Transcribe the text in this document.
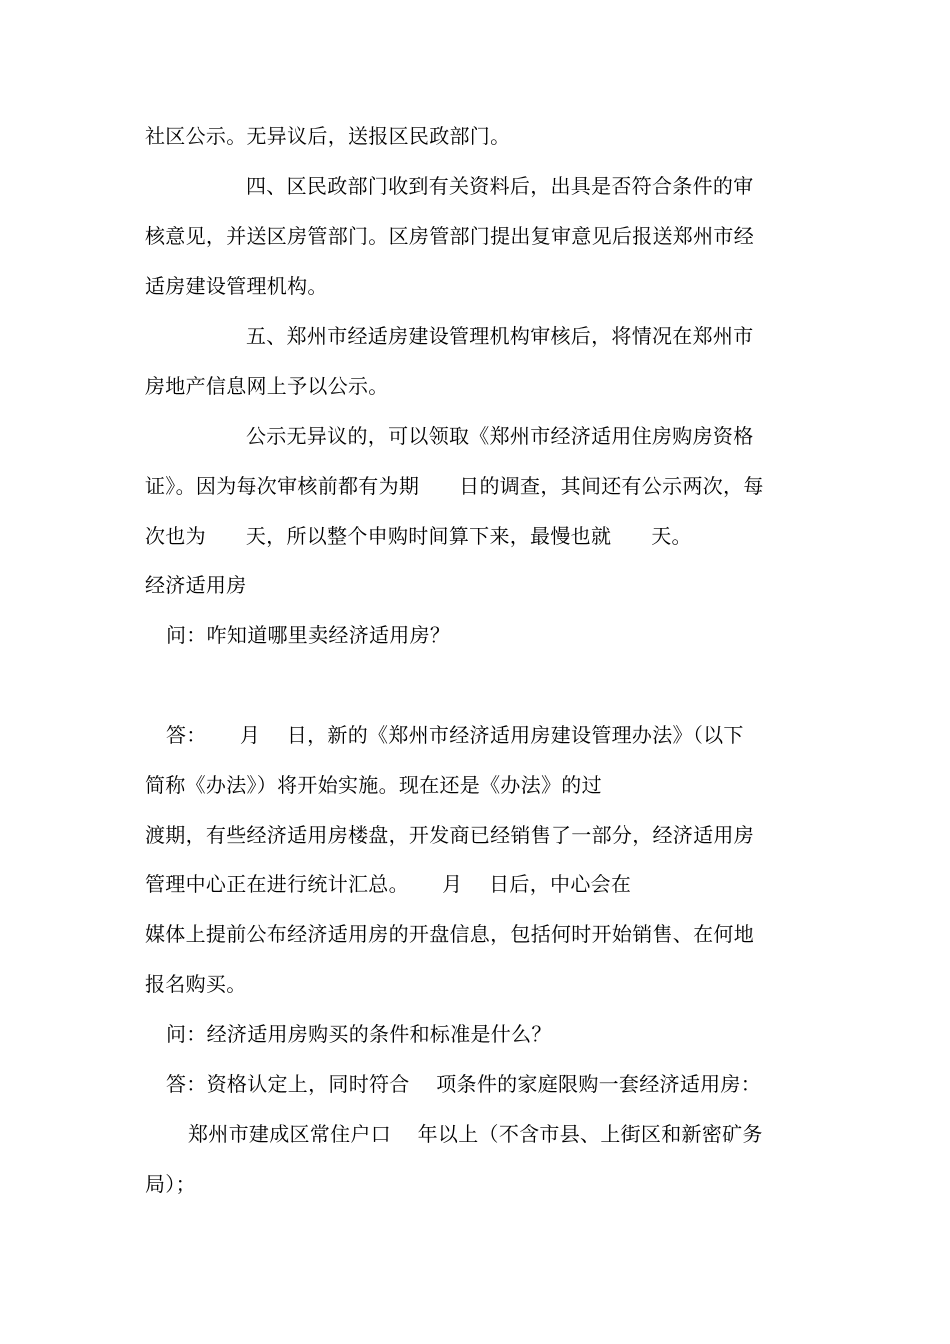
社区公示。无异议后，送报区民政部门。
四、区民政部门收到有关资料后，出具是否符合条件的审
核意见，并送区房管部门。区房管部门提出复审意见后报送郑州市经
适房建设管理机构。
五、郑州市经适房建设管理机构审核后，将情况在郑州市
房地产信息网上予以公示。
公示无异议的，可以领取《郑州市经济适用住房购房资格
证》。因为每次审核前都有为期      日的调查，其间还有公示两次，每
次也为      天，所以整个申购时间算下来，最慢也就      天。
经济适用房
问：咋知道哪里卖经济适用房？
答：     月    日，新的《郑州市经济适用房建设管理办法》（以下
简称《办法》）将开始实施。现在还是《办法》的过
渡期，有些经济适用房楼盘，开发商已经销售了一部分，经济适用房
管理中心正在进行统计汇总。     月    日后，中心会在
媒体上提前公布经济适用房的开盘信息，包括何时开始销售、在何地
报名购买。
问：经济适用房购买的条件和标准是什么？
答：资格认定上，同时符合    项条件的家庭限购一套经济适用房：
郑州市建成区常住户口    年以上（不含市县、上街区和新密矿务
局）；
